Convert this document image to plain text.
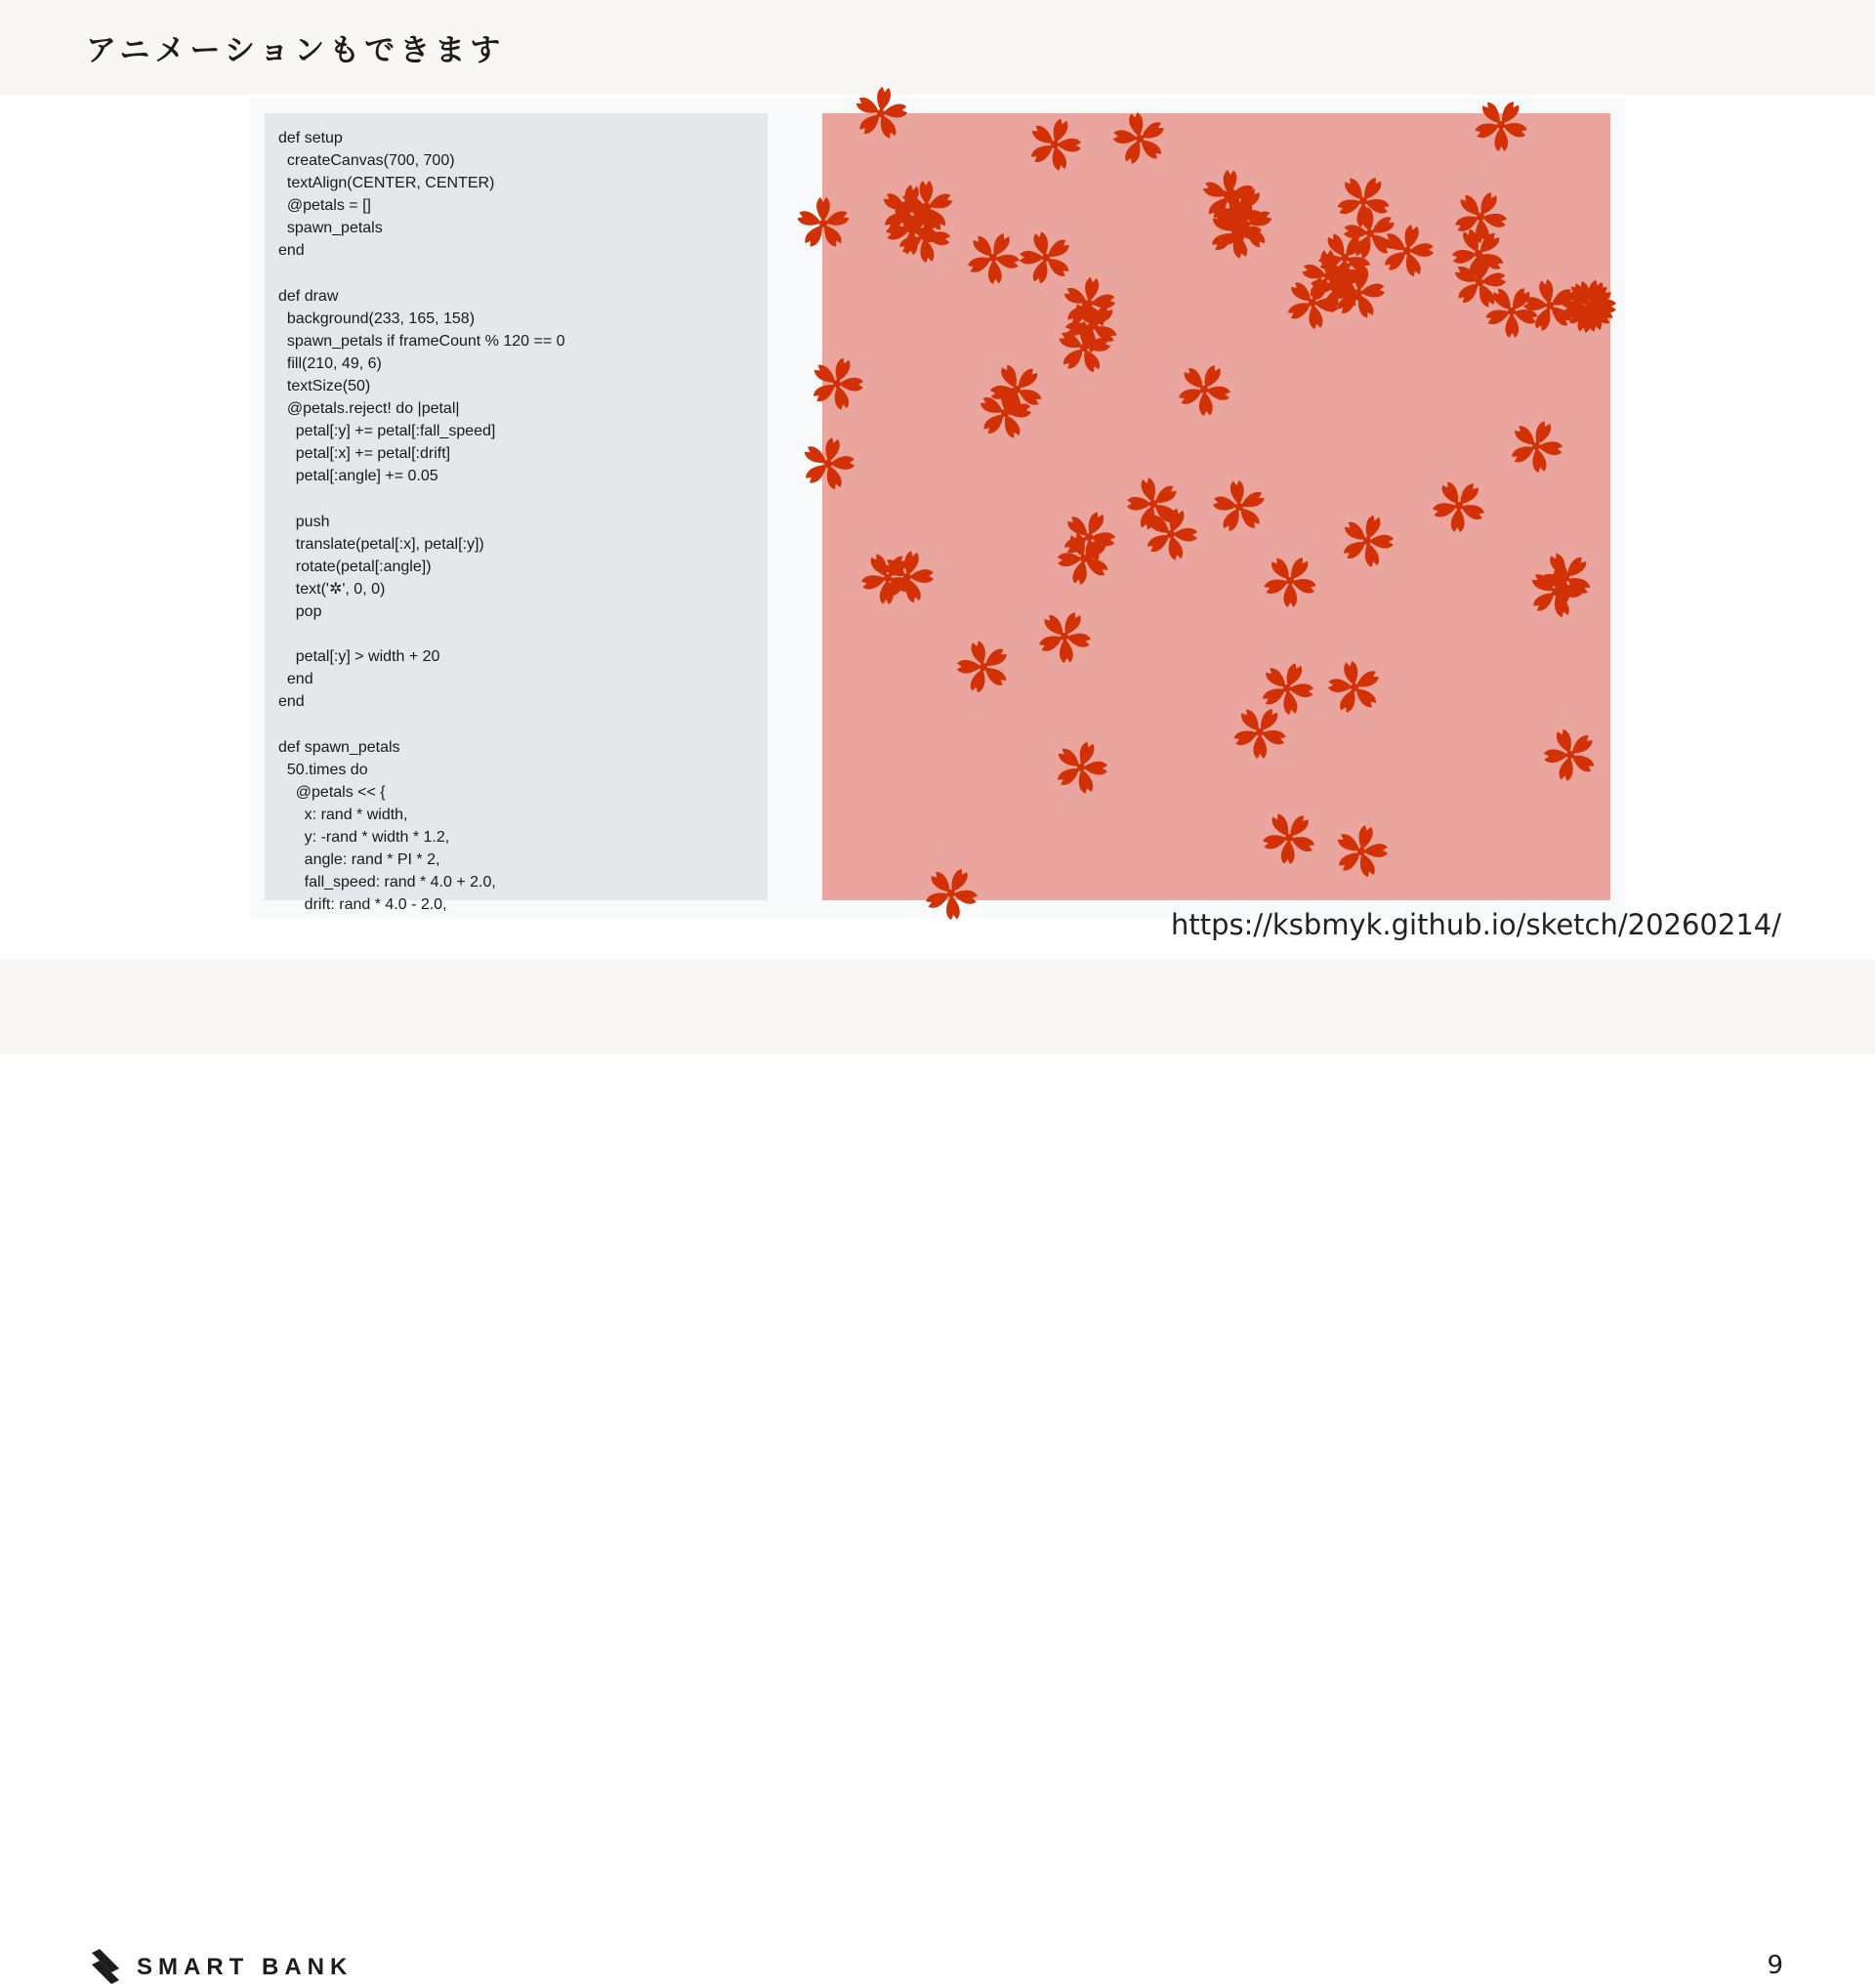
アニメーションもできます
def setup
createCanvas(700, 700)
textAlign(CENTER, CENTER)
@petals = []
spawn_petals
end

def draw
background(233, 165, 158)
spawn_petals if frameCount % 120 == 0
fill(210, 49, 6)
textSize(50)
@petals.reject! do |petal|
petal[:y] += petal[:fall_speed]
petal[:x] += petal[:drift]
petal[:angle] += 0.05

push
translate(petal[:x], petal[:y])
rotate(petal[:angle])
text('✲', 0, 0)
pop

petal[:y] > width + 20
end
end

def spawn_petals
50.times do
@petals << {
x: rand * width,
y: -rand * width * 1.2,
angle: rand * PI * 2,
fall_speed: rand * 4.0 + 2.0,
drift: rand * 4.0 - 2.0,

https://ksbmyk.github.io/sketch/20260214/
SMART BANK	9
